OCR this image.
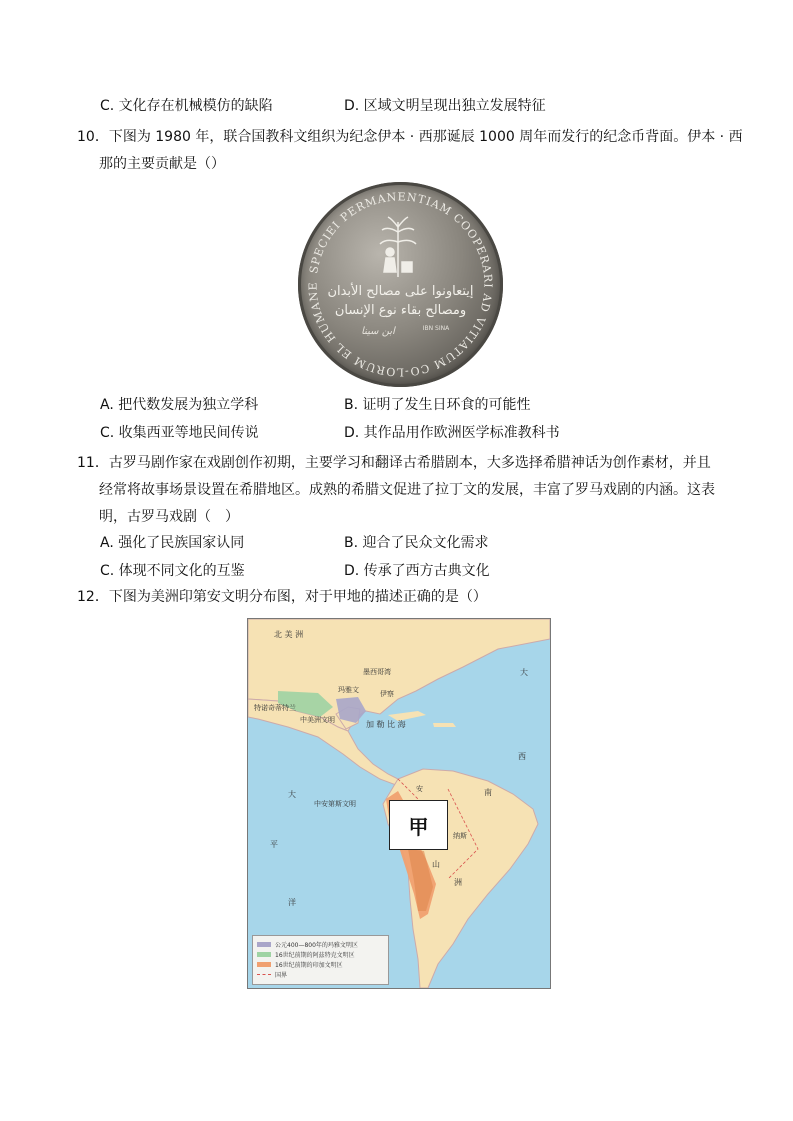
C. 文化存在机械模仿的缺陷	D. 区域文明呈现出独立发展特征
10．下图为 1980 年，联合国教科文组织为纪念伊本 · 西那诞辰 1000 周年而发行的纪念币背面。伊本 · 西
那的主要贡献是（）
SPECIEI PERMANENTIAM COOPERARI AD VITIATUM CO-LORUM EL HUMANE إيتعاونوا على مصالح الأبدان
ومصالح بقاء نوع الإنسان
ابن سينا	IBN SINA
A. 把代数发展为独立学科	B. 证明了发生日环食的可能性
C. 收集西亚等地民间传说	D. 其作品用作欧洲医学标准教科书
11．古罗马剧作家在戏剧创作初期，主要学习和翻译古希腊剧本，大多选择希腊神话为创作素材，并且
经常将故事场景设置在希腊地区。成熟的希腊文促进了拉丁文的发展，丰富了罗马戏剧的内涵。这表
明，古罗马戏剧（　）
A. 强化了民族国家认同	B. 迎合了民众文化需求
C. 体现不同文化的互鉴	D. 传承了西方古典文化
12．下图为美洲印第安文明分布图，对于甲地的描述正确的是（）
北 美 洲
墨西哥湾
玛雅文	伊察
特诺奇蒂特兰
中美洲文明	加 勒 比 海
大
西
大
洋
平
中安第斯文明
安	南
纳斯
山
洲
甲
公元400—800年的玛雅文明区
16世纪前期的阿兹特克文明区
16世纪前期的印加文明区
国界
